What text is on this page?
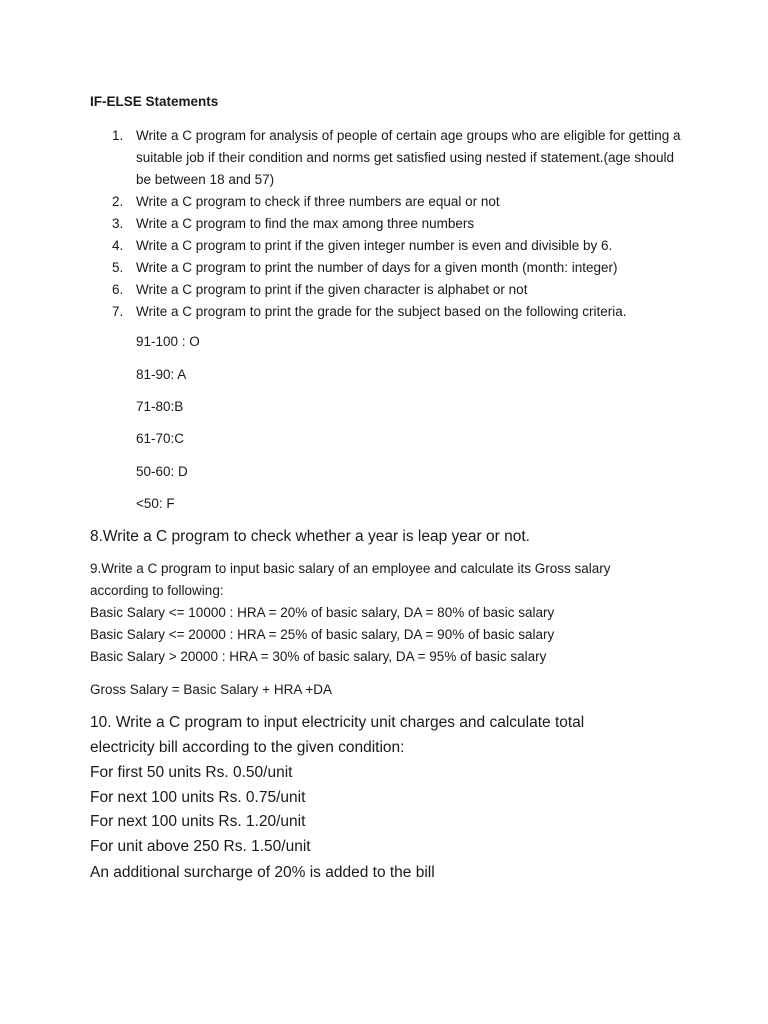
IF-ELSE Statements

1. Write a C program for analysis of people of certain age groups who are eligible for getting a suitable job if their condition and norms get satisfied using nested if statement.(age should be between 18 and 57)
2. Write a C program to check if three numbers are equal or not
3. Write a C program to find the max among three numbers
4. Write a C program to print if the given integer number is even and divisible by 6.
5. Write a C program to print the number of days for a given month (month: integer)
6. Write a C program to print if the given character is alphabet or not
7. Write a C program to print the grade for the subject based on the following criteria.

91-100 : O

81-90: A

71-80:B

61-70:C

50-60: D

<50: F

8.Write a C program to check whether a year is leap year or not.

9.Write a C program to input basic salary of an employee and calculate its Gross salary

according to following:

Basic Salary <= 10000 : HRA = 20% of basic salary, DA = 80% of basic salary

Basic Salary <= 20000 : HRA = 25% of basic salary, DA = 90% of basic salary

Basic Salary > 20000 : HRA = 30% of basic salary, DA = 95% of basic salary

Gross Salary = Basic Salary + HRA +DA

10. Write a C program to input electricity unit charges and calculate total

electricity bill according to the given condition:

For first 50 units Rs. 0.50/unit

For next 100 units Rs. 0.75/unit

For next 100 units Rs. 1.20/unit

For unit above 250 Rs. 1.50/unit

An additional surcharge of 20% is added to the bill
